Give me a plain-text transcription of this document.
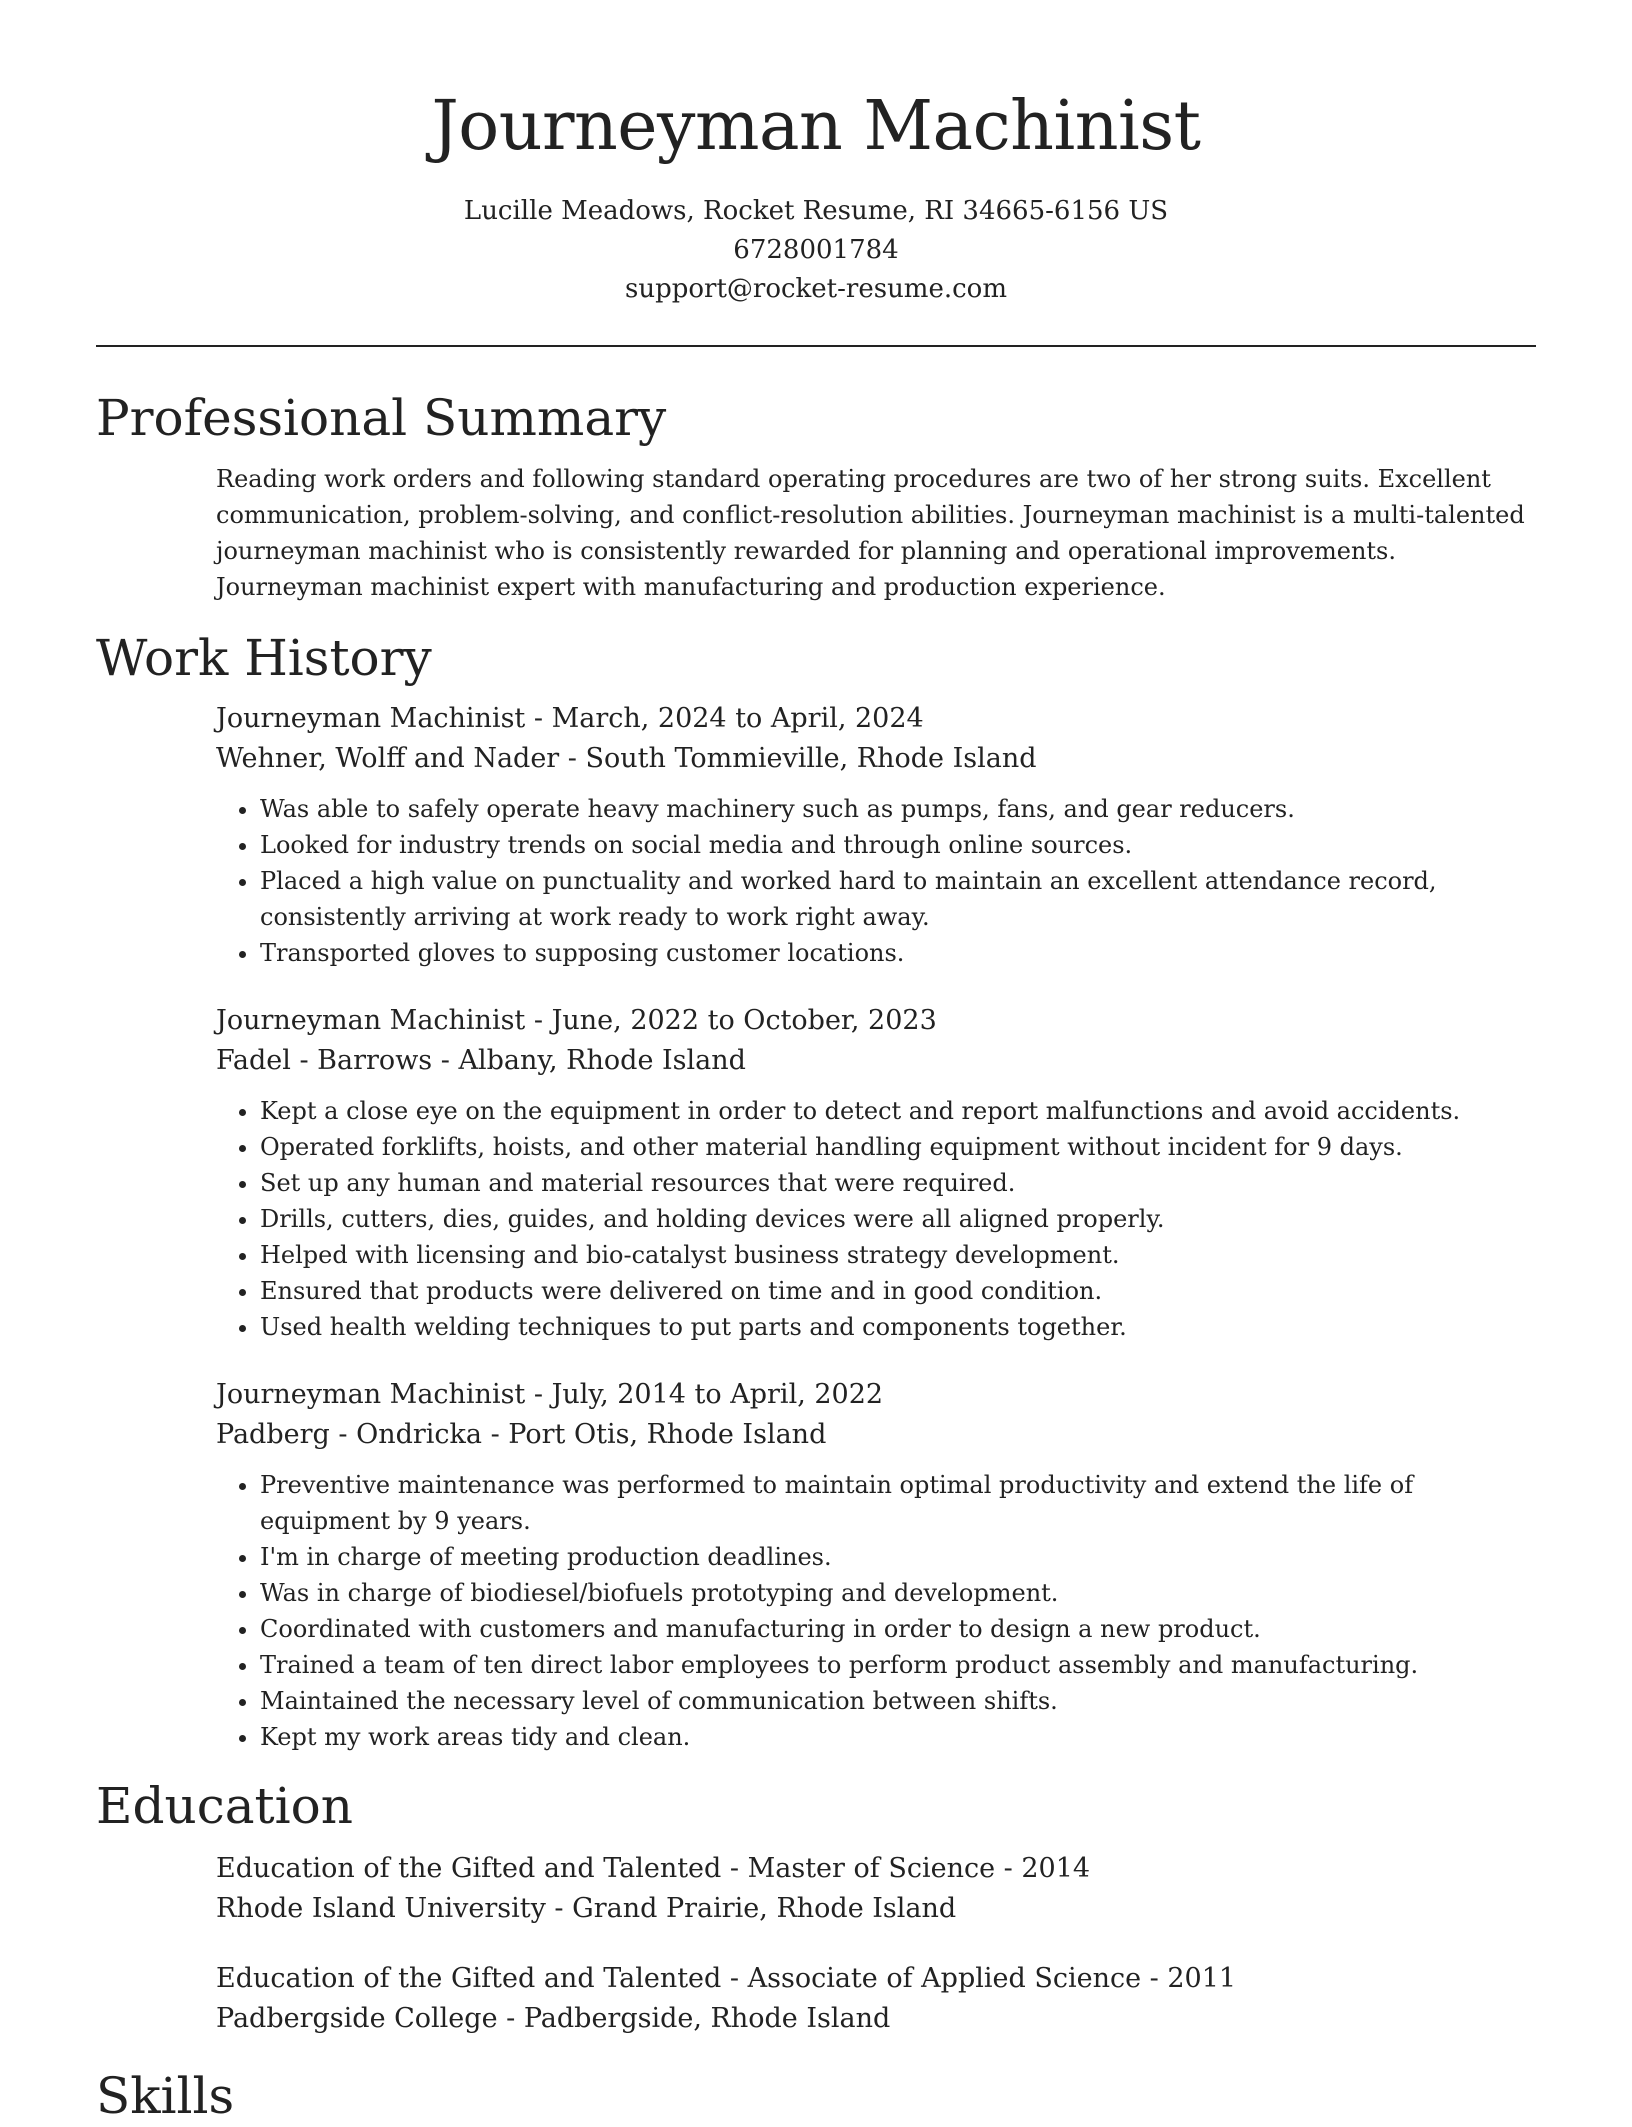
Journeyman Machinist
Lucille Meadows, Rocket Resume, RI 34665-6156 US
6728001784
support@rocket-resume.com
Professional Summary
Reading work orders and following standard operating procedures are two of her strong suits. Excellent communication, problem-solving, and conflict-resolution abilities. Journeyman machinist is a multi-talented journeyman machinist who is consistently rewarded for planning and operational improvements. Journeyman machinist expert with manufacturing and production experience.
Work History
Journeyman Machinist - March, 2024 to April, 2024
Wehner, Wolff and Nader - South Tommieville, Rhode Island
• Was able to safely operate heavy machinery such as pumps, fans, and gear reducers.
• Looked for industry trends on social media and through online sources.
• Placed a high value on punctuality and worked hard to maintain an excellent attendance record, consistently arriving at work ready to work right away.
• Transported gloves to supposing customer locations.
Journeyman Machinist - June, 2022 to October, 2023
Fadel - Barrows - Albany, Rhode Island
• Kept a close eye on the equipment in order to detect and report malfunctions and avoid accidents.
• Operated forklifts, hoists, and other material handling equipment without incident for 9 days.
• Set up any human and material resources that were required.
• Drills, cutters, dies, guides, and holding devices were all aligned properly.
• Helped with licensing and bio-catalyst business strategy development.
• Ensured that products were delivered on time and in good condition.
• Used health welding techniques to put parts and components together.
Journeyman Machinist - July, 2014 to April, 2022
Padberg - Ondricka - Port Otis, Rhode Island
• Preventive maintenance was performed to maintain optimal productivity and extend the life of equipment by 9 years.
• I'm in charge of meeting production deadlines.
• Was in charge of biodiesel/biofuels prototyping and development.
• Coordinated with customers and manufacturing in order to design a new product.
• Trained a team of ten direct labor employees to perform product assembly and manufacturing.
• Maintained the necessary level of communication between shifts.
• Kept my work areas tidy and clean.
Education
Education of the Gifted and Talented - Master of Science - 2014
Rhode Island University - Grand Prairie, Rhode Island
Education of the Gifted and Talented - Associate of Applied Science - 2011
Padbergside College - Padbergside, Rhode Island
Skills
